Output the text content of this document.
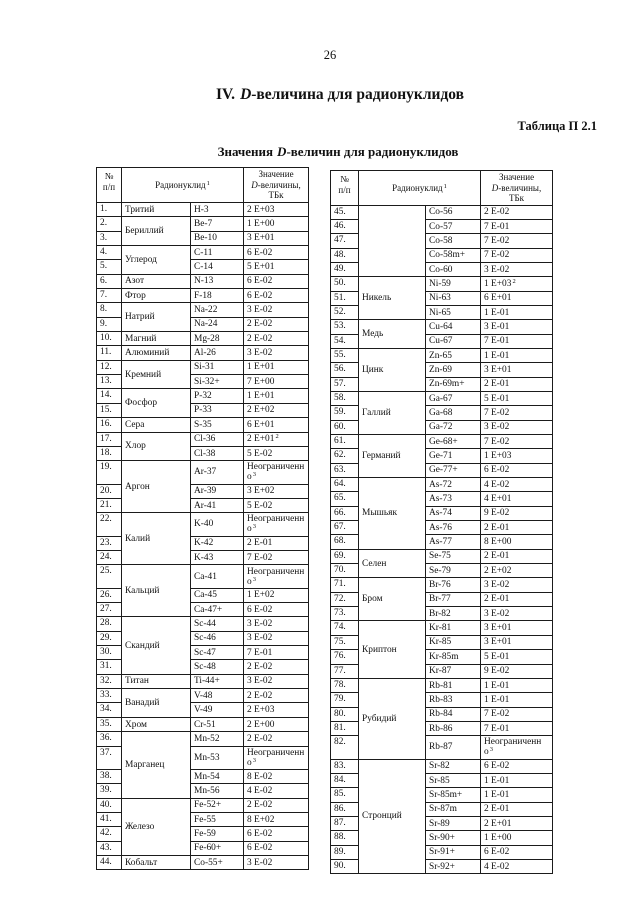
26
IV. D-величина для радионуклидов
Таблица П 2.1
Значения D-величин для радионуклидов
№
п/п	Радионуклид$^1$		Значение
D-величины,
ТБк

1.	Тритий	H-3	2 E+03
2.	Бериллий	Be-7	1 E+00
3.		Be-10	3 E+01
4.	Углерод	C-11	6 E-02
5.		C-14	5 E+01
6.	Азот	N-13	6 E-02
7.	Фтор	F-18	6 E-02
8.	Натрий	Na-22	3 E-02
9.		Na-24	2 E-02
10.	Магний	Mg-28	2 E-02
11.	Алюминий	Al-26	3 E-02
12.	Кремний	Si-31	1 E+01
13.		Si-32+	7 E+00
14.	Фосфор	P-32	1 E+01
15.		P-33	2 E+02
16.	Сера	S-35	6 E+01
17.	Хлор	Cl-36	2 $E+01^2$
18.		Cl-38	5 E-02
19.	Аргон	Ar-37	Неограниченно$^3$
20.		Ar-39	3 E+02
21.		Ar-41	5 E-02
22.	Калий	K-40	Неограниченно$^3$
23.		K-42	2 E-01
24.		K-43	7 E-02
25.	Кальций	Ca-41	Неограниченно$^3$
26.		Ca-45	1 E+02
27.		Ca-47+	6 E-02
28.	Скандий	Sc-44	3 E-02
29.		Sc-46	3 E-02
30.		Sc-47	7 E-01
31.		Sc-48	2 E-02
32.	Титан	Ti-44+	3 E-02
33.	Ванадий	V-48	2 E-02
34.		V-49	2 E+03
35.	Хром	Cr-51	2 E+00
36.	Марганец	Mn-52	2 E-02
37.		Mn-53	Неограниченно$^3$
38.		Mn-54	8 E-02
39.		Mn-56	4 E-02
40.	Железо	Fe-52+	2 E-02
41.		Fe-55	8 E+02
42.		Fe-59	6 E-02
43.		Fe-60+	6 E-02
44.	Кобальт	Co-55+	3 E-02
№
п/п	Радионуклид$^1$		Значение
D-величины,
ТБк

45.		Co-56	2 E-02
46.		Co-57	7 E-01
47.		Co-58	7 E-02
48.		Co-58m+	7 E-02
49.		Co-60	3 E-02
50.	Никель	Ni-59	1 $E+03^2$
51.		Ni-63	6 E+01
52.		Ni-65	1 E-01
53.	Медь	Cu-64	3 E-01
54.		Cu-67	7 E-01
55.	Цинк	Zn-65	1 E-01
56.		Zn-69	3 E+01
57.		Zn-69m+	2 E-01
58.	Галлий	Ga-67	5 E-01
59.		Ga-68	7 E-02
60.		Ga-72	3 E-02
61.	Германий	Ge-68+	7 E-02
62.		Ge-71	1 E+03
63.		Ge-77+	6 E-02
64.	Мышьяк	As-72	4 E-02
65.		As-73	4 E+01
66.		As-74	9 E-02
67.		As-76	2 E-01
68.		As-77	8 E+00
69.	Селен	Se-75	2 E-01
70.		Se-79	2 E+02
71.	Бром	Br-76	3 E-02
72.		Br-77	2 E-01
73.		Br-82	3 E-02
74.	Криптон	Kr-81	3 E+01
75.		Kr-85	3 E+01
76.		Kr-85m	5 E-01
77.		Kr-87	9 E-02
78.	Рубидий	Rb-81	1 E-01
79.		Rb-83	1 E-01
80.		Rb-84	7 E-02
81.		Rb-86	7 E-01
82.		Rb-87	Неограниченно$^3$
83.	Стронций	Sr-82	6 E-02
84.		Sr-85	1 E-01
85.		Sr-85m+	1 E-01
86.		Sr-87m	2 E-01
87.		Sr-89	2 E+01
88.		Sr-90+	1 E+00
89.		Sr-91+	6 E-02
90.		Sr-92+	4 E-02
